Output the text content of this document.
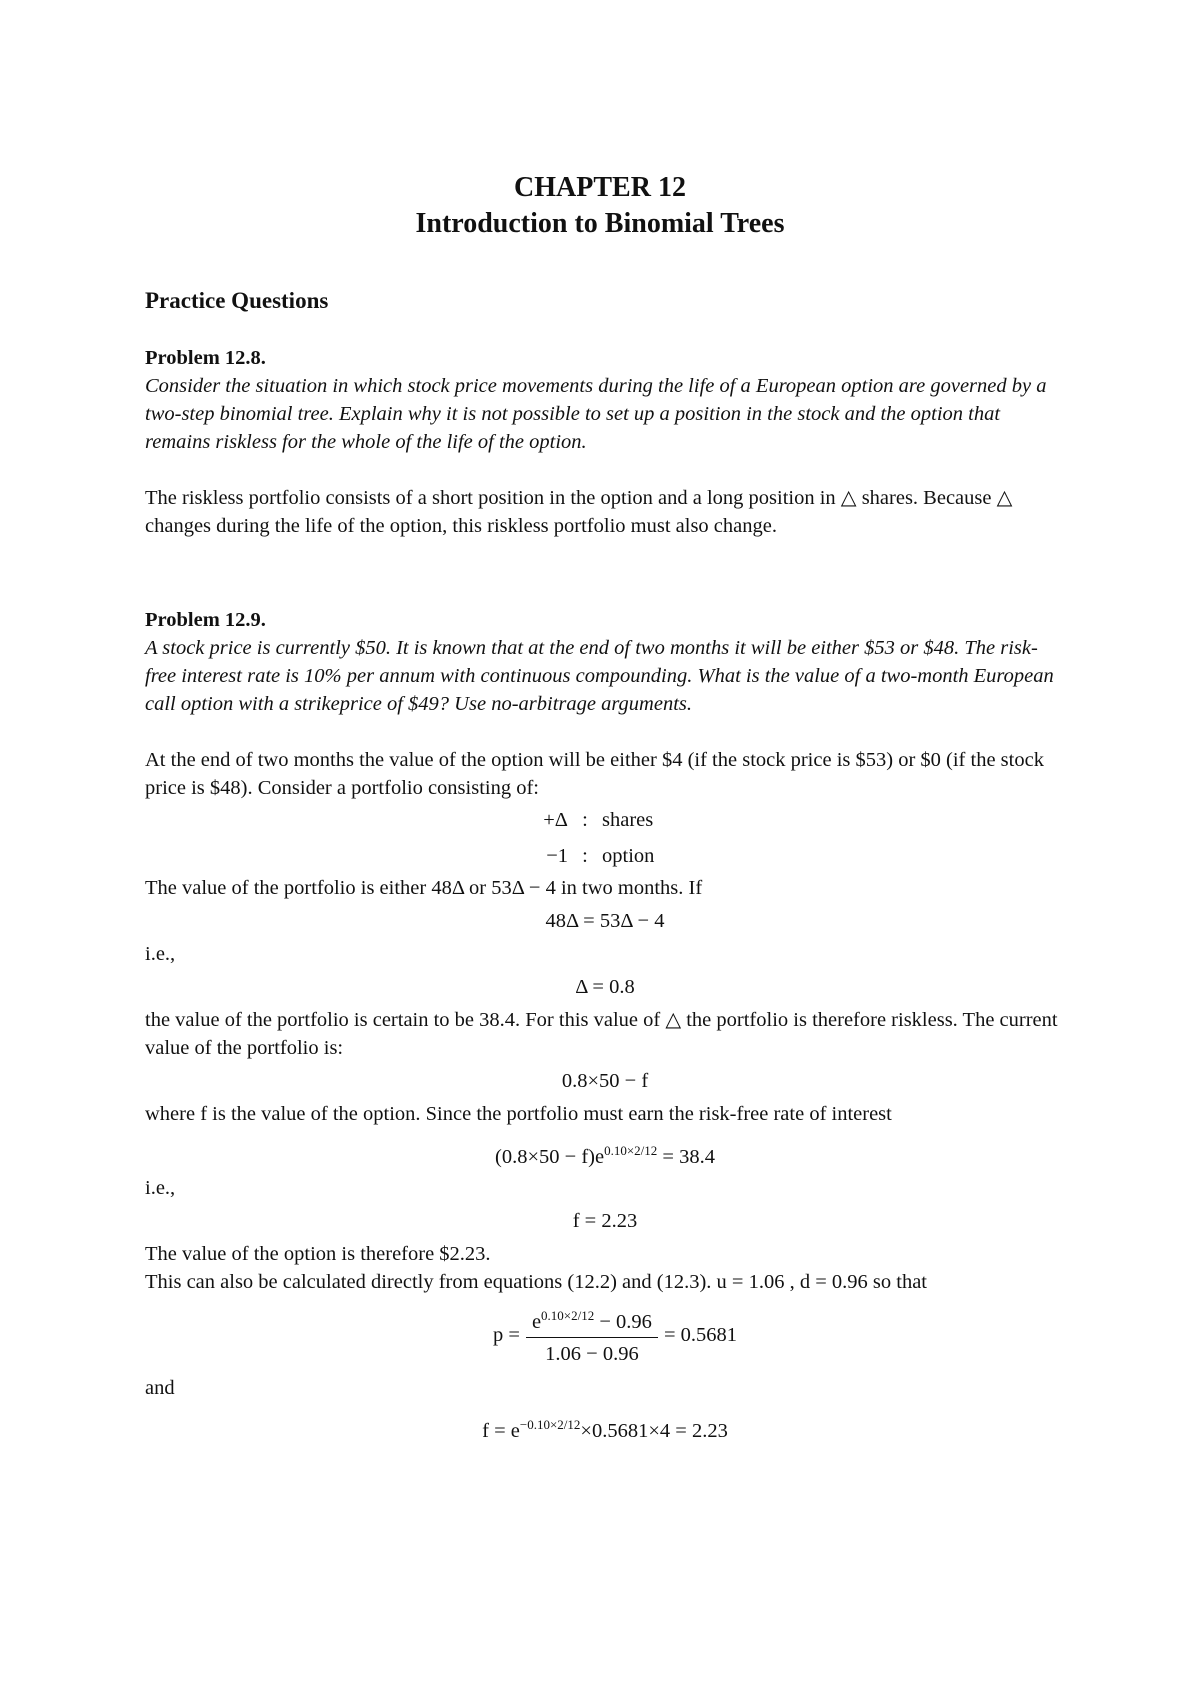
CHAPTER 12
Introduction to Binomial Trees
Practice Questions

Problem 12.8.

Consider the situation in which stock price movements during the life of a European option are governed by a two-step binomial tree. Explain why it is not possible to set up a position in the stock and the option that remains riskless for the whole of the life of the option.

The riskless portfolio consists of a short position in the option and a long position in △ shares. Because △ changes during the life of the option, this riskless portfolio must also change.

Problem 12.9.

A stock price is currently $50. It is known that at the end of two months it will be either $53 or $48. The risk-free interest rate is 10% per annum with continuous compounding. What is the value of a two-month European call option with a strikeprice of $49? Use no-arbitrage arguments.

At the end of two months the value of the option will be either $4 (if the stock price is $53) or $0 (if the stock price is $48). Consider a portfolio consisting of:

+Δ : shares
−1 : option

The value of the portfolio is either 48Δ or 53Δ − 4 in two months. If

48Δ = 53Δ − 4

i.e.,

Δ = 0.8

the value of the portfolio is certain to be 38.4. For this value of △ the portfolio is therefore riskless. The current value of the portfolio is:

0.8×50 − f

where f is the value of the option. Since the portfolio must earn the risk-free rate of interest

$(0.8\times 50 - f)e^{0.10\times 2/12} = 38.4$

i.e.,

f = 2.23

The value of the option is therefore $2.23.

This can also be calculated directly from equations (12.2) and (12.3). u = 1.06 , d = 0.96 so that

$p = \frac{e^{0.10\times 2/12} - 0.96}{1.06 - 0.96} = 0.5681$

and

$f = e^{-0.10\times 2/12}\times 0.5681\times 4 = 2.23$
